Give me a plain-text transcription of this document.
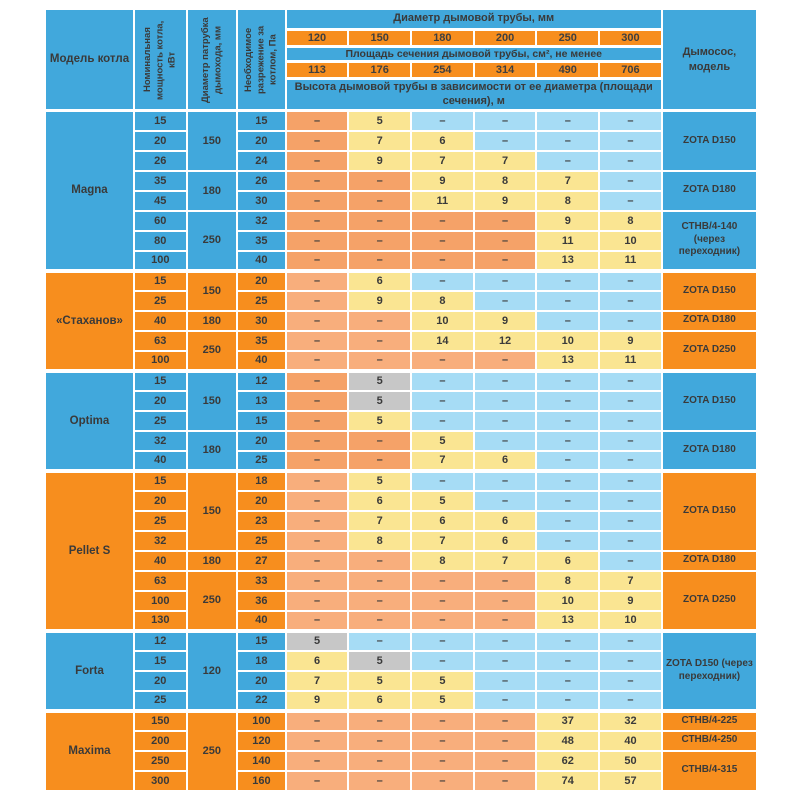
Модель котла	Номинальная мощность котла, кВт	Диаметр патрубка дымохода, мм	Необходимое разрежение за котлом, Па	Диаметр дымовой трубы, мм						Дымосос, модель
				120	150	180	200	250	300	
				Площадь сечения дымовой трубы, см², не менее						
				113	176	254	314	490	706	
				Высота дымовой трубы в зависимости от ее диаметра (площади сечения), м						
Magna	15	150	15	–	5	–	–	–	–	ZOTA D150
	20		20	–	7	6	–	–	–	
	26		24	–	9	7	7	–	–	
	35	180	26	–	–	9	8	7	–	ZOTA D180
	45		30	–	–	11	9	8	–	
	60	250	32	–	–	–	–	9	8	СТНВ/4-140 (через переходник)
	80		35	–	–	–	–	11	10	
	100		40	–	–	–	–	13	11	
«Стаханов»	15	150	20	–	6	–	–	–	–	ZOTA D150
	25		25	–	9	8	–	–	–	
	40	180	30	–	–	10	9	–	–	ZOTA D180
	63	250	35	–	–	14	12	10	9	ZOTA D250
	100		40	–	–	–	–	13	11	
Optima	15	150	12	–	5	–	–	–	–	ZOTA D150
	20		13	–	5	–	–	–	–	
	25		15	–	5	–	–	–	–	
	32	180	20	–	–	5	–	–	–	ZOTA D180
	40		25	–	–	7	6	–	–	
Pellet S	15	150	18	–	5	–	–	–	–	ZOTA D150
	20		20	–	6	5	–	–	–	
	25		23	–	7	6	6	–	–	
	32		25	–	8	7	6	–	–	
	40	180	27	–	–	8	7	6	–	ZOTA D180
	63	250	33	–	–	–	–	8	7	ZOTA D250
	100		36	–	–	–	–	10	9	
	130		40	–	–	–	–	13	10	
Forta	12	120	15	5	–	–	–	–	–	ZOTA D150 (через переходник)
	15		18	6	5	–	–	–	–	
	20		20	7	5	5	–	–	–	
	25		22	9	6	5	–	–	–	
Maxima	150	250	100	–	–	–	–	37	32	СТНВ/4-225
	200		120	–	–	–	–	48	40	СТНВ/4-250
	250		140	–	–	–	–	62	50	СТНВ/4-315
	300		160	–	–	–	–	74	57	
